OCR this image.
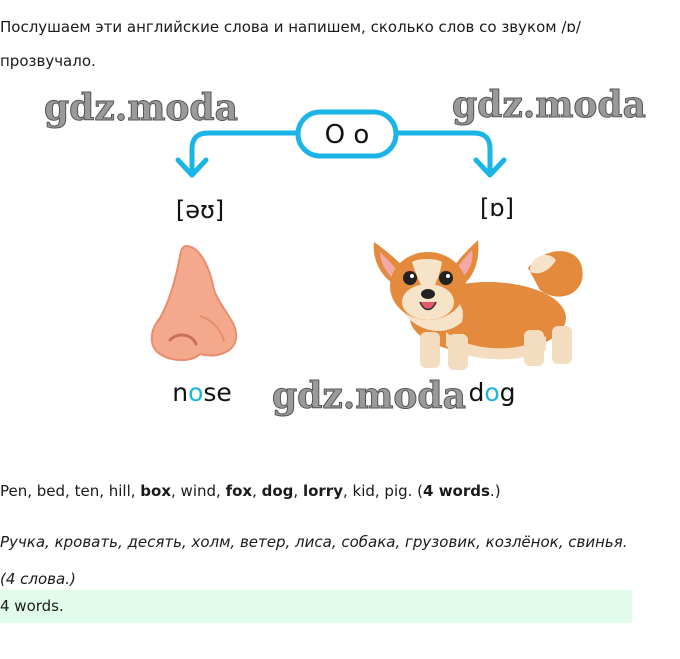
Послушаем эти английские слова и напишем, сколько слов со звуком /ɒ/
прозвучало.
gdz.moda	gdz.moda
O o
[əʊ]	[ɒ]
nose gdz.moda dog
Pen, bed, ten, hill, box, wind, fox, dog, lorry, kid, pig. (4 words.)
Ручка, кровать, десять, холм, ветер, лиса, собака, грузовик, козлёнок, свинья.
(4 слова.)
4 words.
